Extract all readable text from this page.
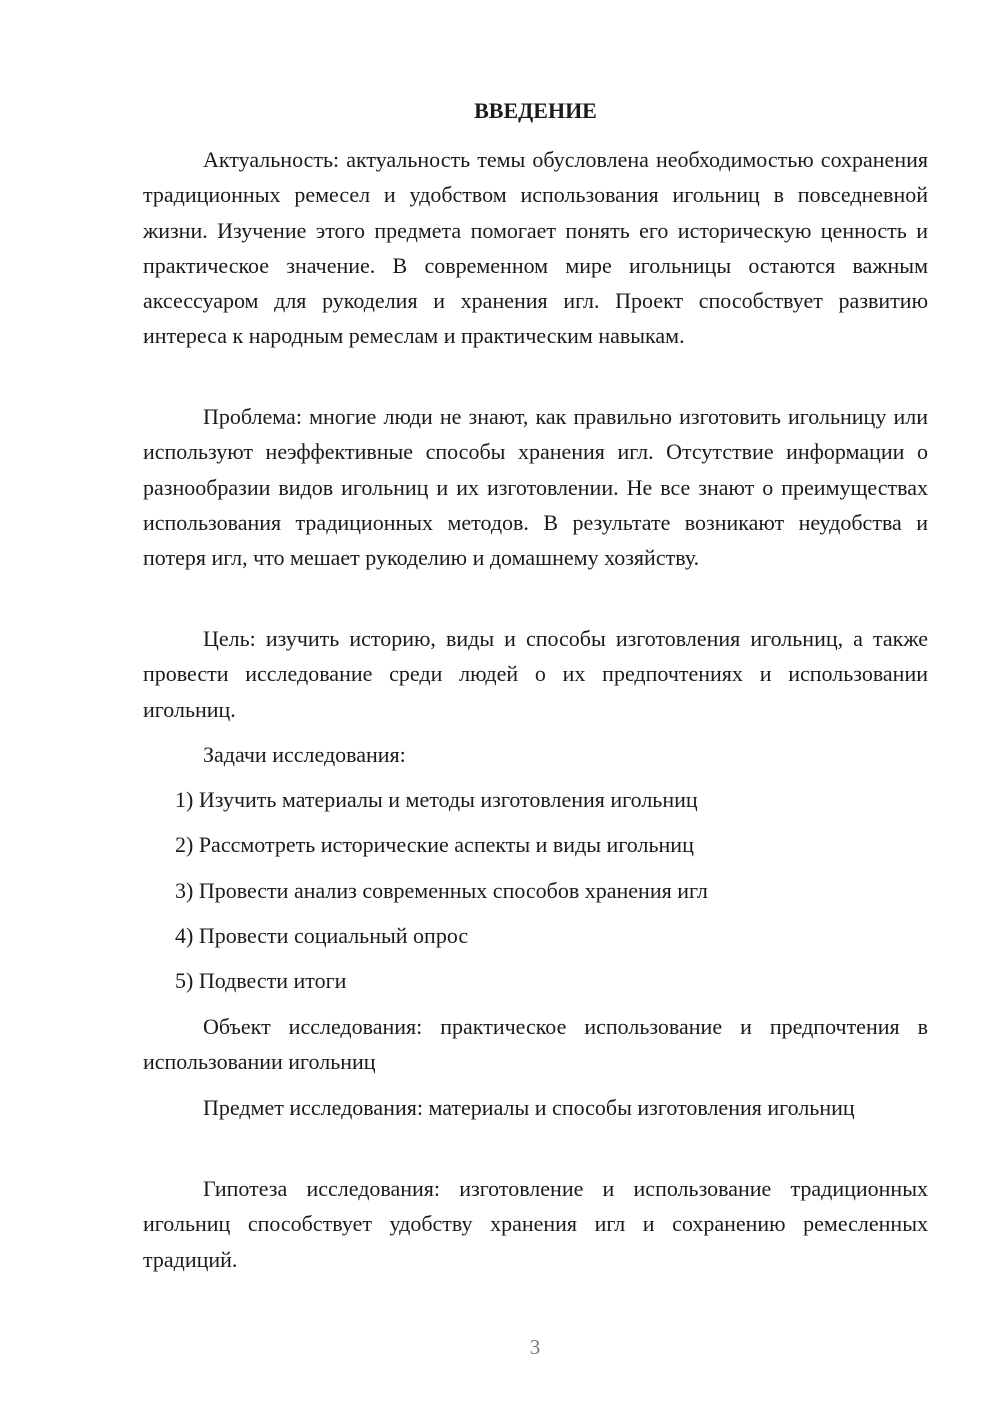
ВВЕДЕНИЕ

Актуальность: актуальность темы обусловлена необходимостью сохранения традиционных ремесел и удобством использования игольниц в повседневной жизни. Изучение этого предмета помогает понять его историческую ценность и практическое значение. В современном мире игольницы остаются важным аксессуаром для рукоделия и хранения игл. Проект способствует развитию интереса к народным ремеслам и практическим навыкам.

Проблема: многие люди не знают, как правильно изготовить игольницу или используют неэффективные способы хранения игл. Отсутствие информации о разнообразии видов игольниц и их изготовлении. Не все знают о преимуществах использования традиционных методов. В результате возникают неудобства и потеря игл, что мешает рукоделию и домашнему хозяйству.

Цель: изучить историю, виды и способы изготовления игольниц, а также провести исследование среди людей о их предпочтениях и использовании игольниц.

Задачи исследования:

1) Изучить материалы и методы изготовления игольниц

2) Рассмотреть исторические аспекты и виды игольниц

3) Провести анализ современных способов хранения игл

4) Провести социальный опрос

5) Подвести итоги

Объект исследования: практическое использование и предпочтения в использовании игольниц

Предмет исследования: материалы и способы изготовления игольниц

Гипотеза исследования: изготовление и использование традиционных игольниц способствует удобству хранения игл и сохранению ремесленных традиций.

3
